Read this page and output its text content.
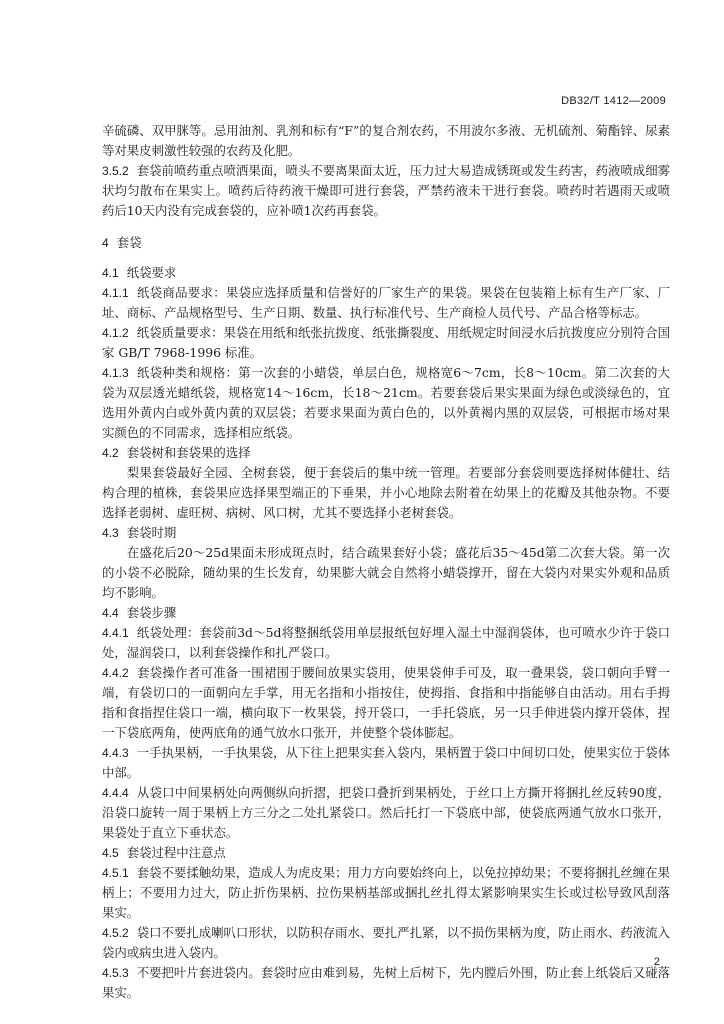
DB32/T 1412—2009

辛硫磷、双甲脒等。忌用油剂、乳剂和标有“F”的复合剂农药，不用波尔多液、无机硫剂、菊酯锌、尿素等对果皮刺激性较强的农药及化肥。

3.5.2 套袋前喷药重点喷洒果面，喷头不要离果面太近，压力过大易造成锈斑或发生药害，药液喷成细雾状均匀散布在果实上。喷药后待药液干燥即可进行套袋，严禁药液未干进行套袋。喷药时若遇雨天或喷药后10天内没有完成套袋的，应补喷1次药再套袋。

4 套袋

4.1 纸袋要求

4.1.1 纸袋商品要求：果袋应选择质量和信誉好的厂家生产的果袋。果袋在包装箱上标有生产厂家、厂址、商标、产品规格型号、生产日期、数量、执行标准代号、生产商检人员代号、产品合格等标志。

4.1.2 纸袋质量要求：果袋在用纸和纸张抗拨度、纸张撕裂度、用纸规定时间浸水后抗拨度应分别符合国家 GB/T 7968-1996 标准。

4.1.3 纸袋种类和规格：第一次套的小蜡袋，单层白色，规格宽6～7cm，长8～10cm。第二次套的大袋为双层透光蜡纸袋，规格宽14～16cm，长18～21cm。若要套袋后果实果面为绿色或淡绿色的，宜选用外黄内白或外黄内黄的双层袋；若要求果面为黄白色的，以外黄褐内黑的双层袋，可根据市场对果实颜色的不同需求，选择相应纸袋。

4.2 套袋树和套袋果的选择

梨果套袋最好全园、全树套袋，便于套袋后的集中统一管理。若要部分套袋则要选择树体健壮、结构合理的植株，套袋果应选择果型端正的下垂果，并小心地除去附着在幼果上的花瓣及其他杂物。不要选择老弱树、虚旺树、病树、风口树，尤其不要选择小老树套袋。

4.3 套袋时期

在盛花后20～25d果面未形成斑点时，结合疏果套好小袋；盛花后35～45d第二次套大袋。第一次的小袋不必脱除，随幼果的生长发育，幼果膨大就会自然将小蜡袋撑开，留在大袋内对果实外观和品质均不影响。

4.4 套袋步骤

4.4.1 纸袋处理：套袋前3d～5d将整捆纸袋用单层报纸包好埋入湿土中湿润袋体，也可喷水少许于袋口处，湿润袋口，以利套袋操作和扎严袋口。

4.4.2 套袋操作者可准备一围裙围于腰间放果实袋用，使果袋伸手可及，取一叠果袋，袋口朝向手臂一端，有袋切口的一面朝向左手掌，用无名指和小指按住，使拇指、食指和中指能够自由活动。用右手拇指和食指捏住袋口一端，横向取下一枚果袋，捋开袋口，一手托袋底，另一只手伸进袋内撑开袋体，捏一下袋底两角，使两底角的通气放水口张开，并使整个袋体膨起。

4.4.3 一手执果柄，一手执果袋，从下往上把果实套入袋内，果柄置于袋口中间切口处，使果实位于袋体中部。

4.4.4 从袋口中间果柄处向两侧纵向折摺，把袋口叠折到果柄处，于丝口上方撕开将捆扎丝反转90度，沿袋口旋转一周于果柄上方三分之二处扎紧袋口。然后托打一下袋底中部，使袋底两通气放水口张开，果袋处于直立下垂状态。

4.5 套袋过程中注意点

4.5.1 套袋不要揉触幼果，造成人为虎皮果；用力方向要始终向上，以免拉掉幼果；不要将捆扎丝缠在果柄上；不要用力过大，防止折伤果柄、拉伤果柄基部或捆扎丝扎得太紧影响果实生长或过松导致风刮落果实。

4.5.2 袋口不要扎成喇叭口形状，以防积存雨水、要扎严扎紧，以不损伤果柄为度，防止雨水、药液流入袋内或病虫进入袋内。

4.5.3 不要把叶片套进袋内。套袋时应由难到易，先树上后树下，先内膛后外围，防止套上纸袋后又碰落果实。

2
